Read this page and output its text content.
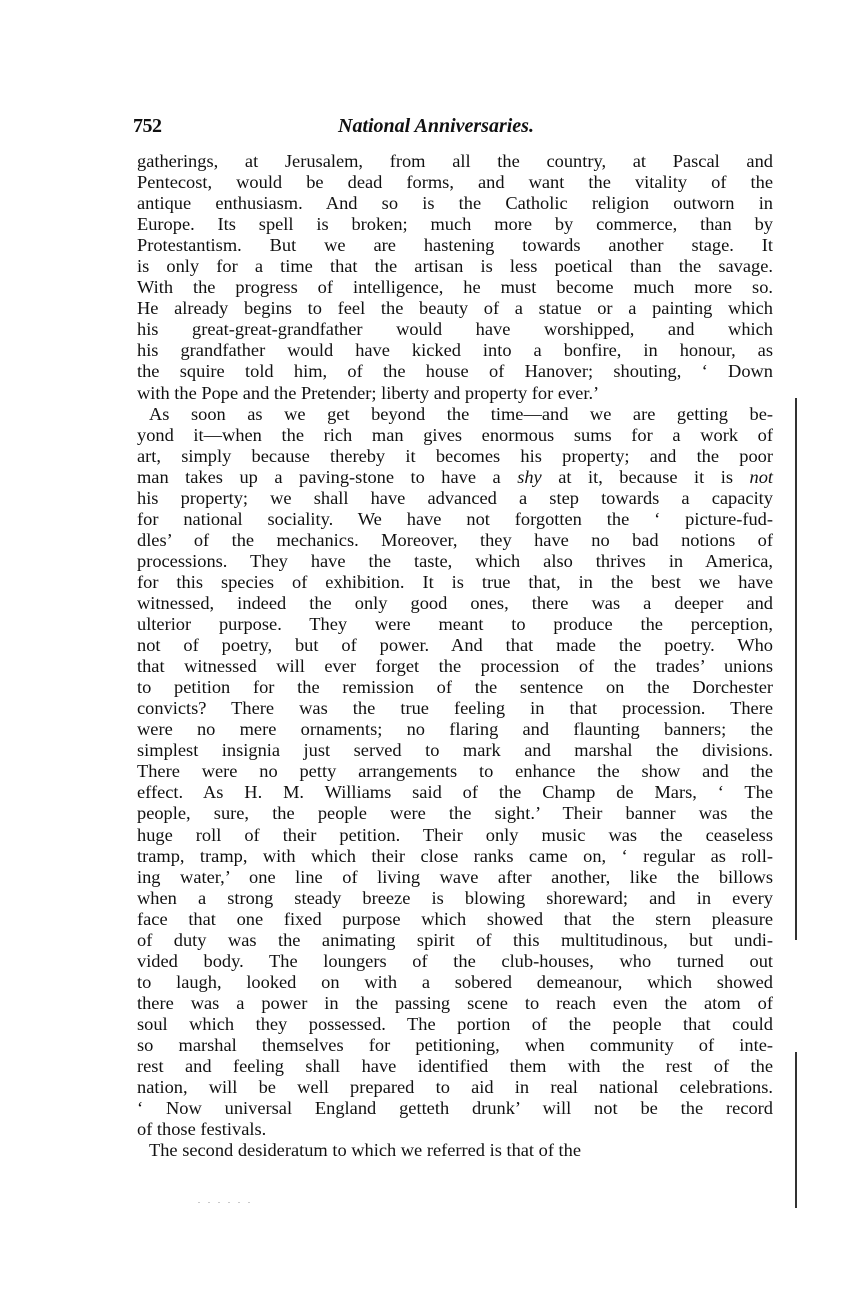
752	National Anniversaries.
gatherings, at Jerusalem, from all the country, at Pascal and
Pentecost, would be dead forms, and want the vitality of the
antique enthusiasm. And so is the Catholic religion outworn in
Europe. Its spell is broken; much more by commerce, than by
Protestantism. But we are hastening towards another stage. It
is only for a time that the artisan is less poetical than the savage.
With the progress of intelligence, he must become much more so.
He already begins to feel the beauty of a statue or a painting which
his great-great-grandfather would have worshipped, and which
his grandfather would have kicked into a bonfire, in honour, as
the squire told him, of the house of Hanover; shouting, ‘ Down
with the Pope and the Pretender; liberty and property for ever.’
As soon as we get beyond the time—and we are getting be-
yond it—when the rich man gives enormous sums for a work of
art, simply because thereby it becomes his property; and the poor
man takes up a paving-stone to have a shy at it, because it is not
his property; we shall have advanced a step towards a capacity
for national sociality. We have not forgotten the ‘ picture-fud-
dles’ of the mechanics. Moreover, they have no bad notions of
processions. They have the taste, which also thrives in America,
for this species of exhibition. It is true that, in the best we have
witnessed, indeed the only good ones, there was a deeper and
ulterior purpose. They were meant to produce the perception,
not of poetry, but of power. And that made the poetry. Who
that witnessed will ever forget the procession of the trades’ unions
to petition for the remission of the sentence on the Dorchester
convicts? There was the true feeling in that procession. There
were no mere ornaments; no flaring and flaunting banners; the
simplest insignia just served to mark and marshal the divisions.
There were no petty arrangements to enhance the show and the
effect. As H. M. Williams said of the Champ de Mars, ‘ The
people, sure, the people were the sight.’ Their banner was the
huge roll of their petition. Their only music was the ceaseless
tramp, tramp, with which their close ranks came on, ‘ regular as roll-
ing water,’ one line of living wave after another, like the billows
when a strong steady breeze is blowing shoreward; and in every
face that one fixed purpose which showed that the stern pleasure
of duty was the animating spirit of this multitudinous, but undi-
vided body. The loungers of the club-houses, who turned out
to laugh, looked on with a sobered demeanour, which showed
there was a power in the passing scene to reach even the atom of
soul which they possessed. The portion of the people that could
so marshal themselves for petitioning, when community of inte-
rest and feeling shall have identified them with the rest of the
nation, will be well prepared to aid in real national celebrations.
‘ Now universal England getteth drunk’ will not be the record
of those festivals.
The second desideratum to which we referred is that of the
. . . . . .
